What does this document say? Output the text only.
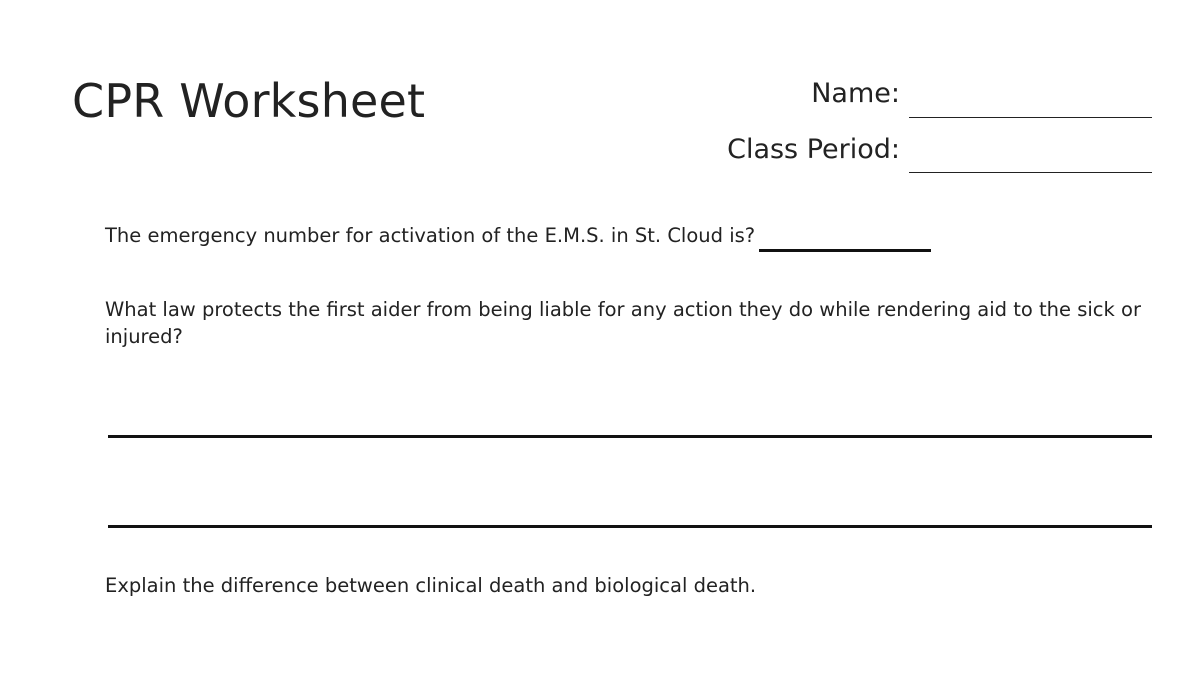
CPR Worksheet	Name:
Class Period:
The emergency number for activation of the E.M.S. in St. Cloud is?
What law protects the first aider from being liable for any action they do while rendering aid to the sick or injured?
Explain the difference between clinical death and biological death.
